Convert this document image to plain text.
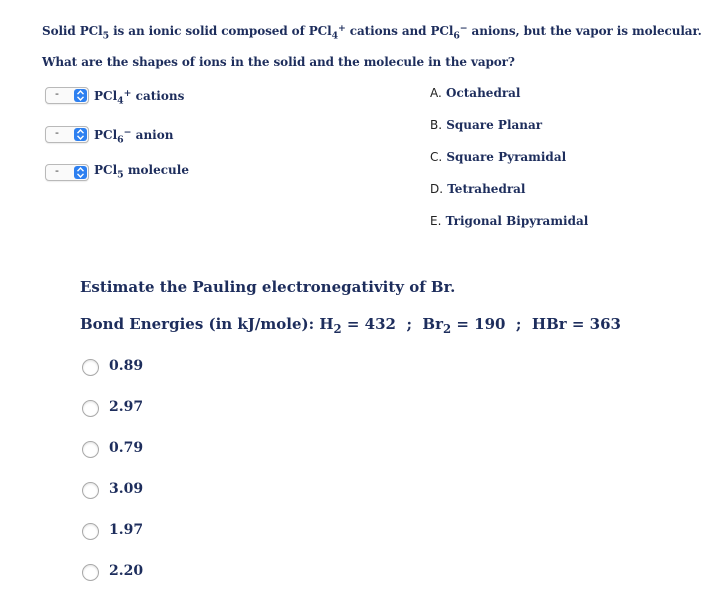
Solid PCl$_5$ is an ionic solid composed of PCl$_4$+ cations and PCl$_6$− anions, but the vapor is molecular.
What are the shapes of ions in the solid and the molecule in the vapor?
-	PCl$_4$+ cations
-	PCl$_6$− anion
-	PCl$_5$ molecule
A. Octahedral
B. Square Planar
C. Square Pyramidal
D. Tetrahedral
E. Trigonal Bipyramidal
Estimate the Pauling electronegativity of Br.
Bond Energies (in kJ/mole): $H_2 = 432$  ;  $Br_2 = 190$  ;  HBr = 363
0.89
2.97
0.79
3.09
1.97
2.20
